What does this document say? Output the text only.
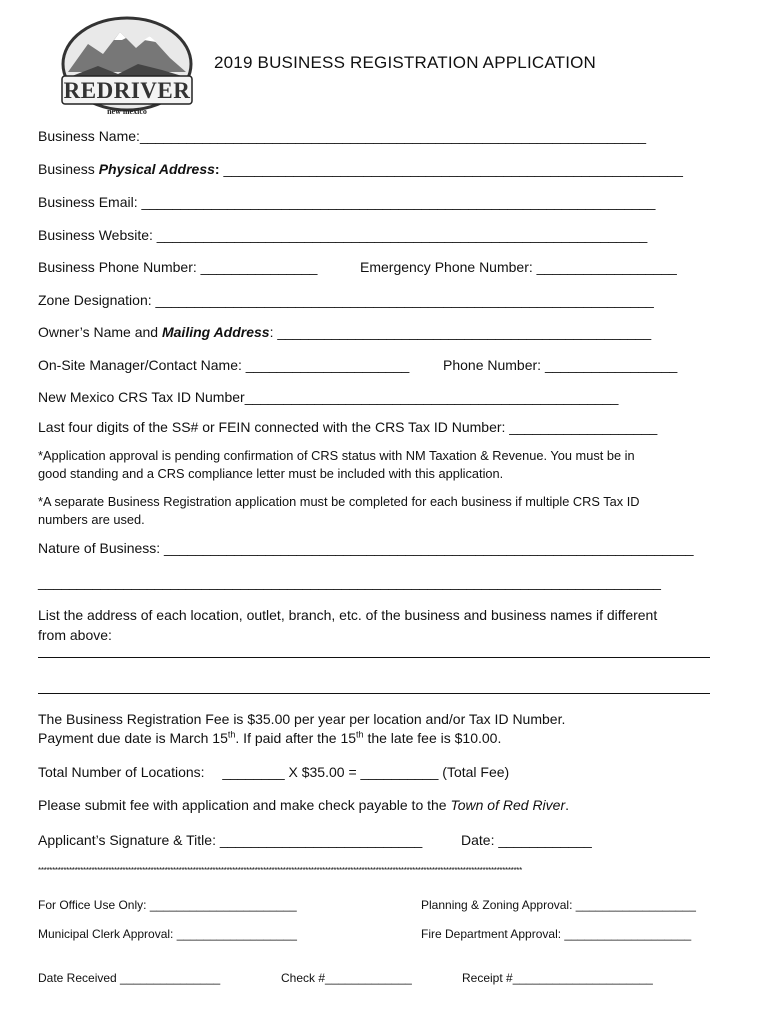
REDRIVER
new mexico
2019 BUSINESS REGISTRATION APPLICATION
Business Name:_________________________________________________________________
Business Physical Address: ___________________________________________________________
Business Email: __________________________________________________________________
Business Website: _______________________________________________________________
Business Phone Number: _______________	Emergency Phone Number: __________________
Zone Designation: ________________________________________________________________
Owner’s Name and Mailing Address: ________________________________________________
On-Site Manager/Contact Name: _____________________ Phone Number: _________________
New Mexico CRS Tax ID Number________________________________________________
Last four digits of the SS# or FEIN connected with the CRS Tax ID Number: ___________________
*Application approval is pending confirmation of CRS status with NM Taxation & Revenue. You must be in
good standing and a CRS compliance letter must be included with this application.
*A separate Business Registration application must be completed for each business if multiple CRS Tax ID
numbers are used.
Nature of Business: ____________________________________________________________________
________________________________________________________________________________
List the address of each location, outlet, branch, etc. of the business and business names if different
from above:
The Business Registration Fee is $35.00 per year per location and/or Tax ID Number.
Payment due date is March 15th. If paid after the 15th the late fee is $10.00.
Total Number of Locations: ________ X $35.00 = __________ (Total Fee)
Please submit fee with application and make check payable to the Town of Red River.
Applicant’s Signature & Title: __________________________	Date: ____________
****************************************************************************************************************************************************************************
For Office Use Only: ______________________	Planning & Zoning Approval: __________________
Municipal Clerk Approval: __________________	Fire Department Approval: ___________________
Date Received _______________	Check #_____________	Receipt #_____________________
